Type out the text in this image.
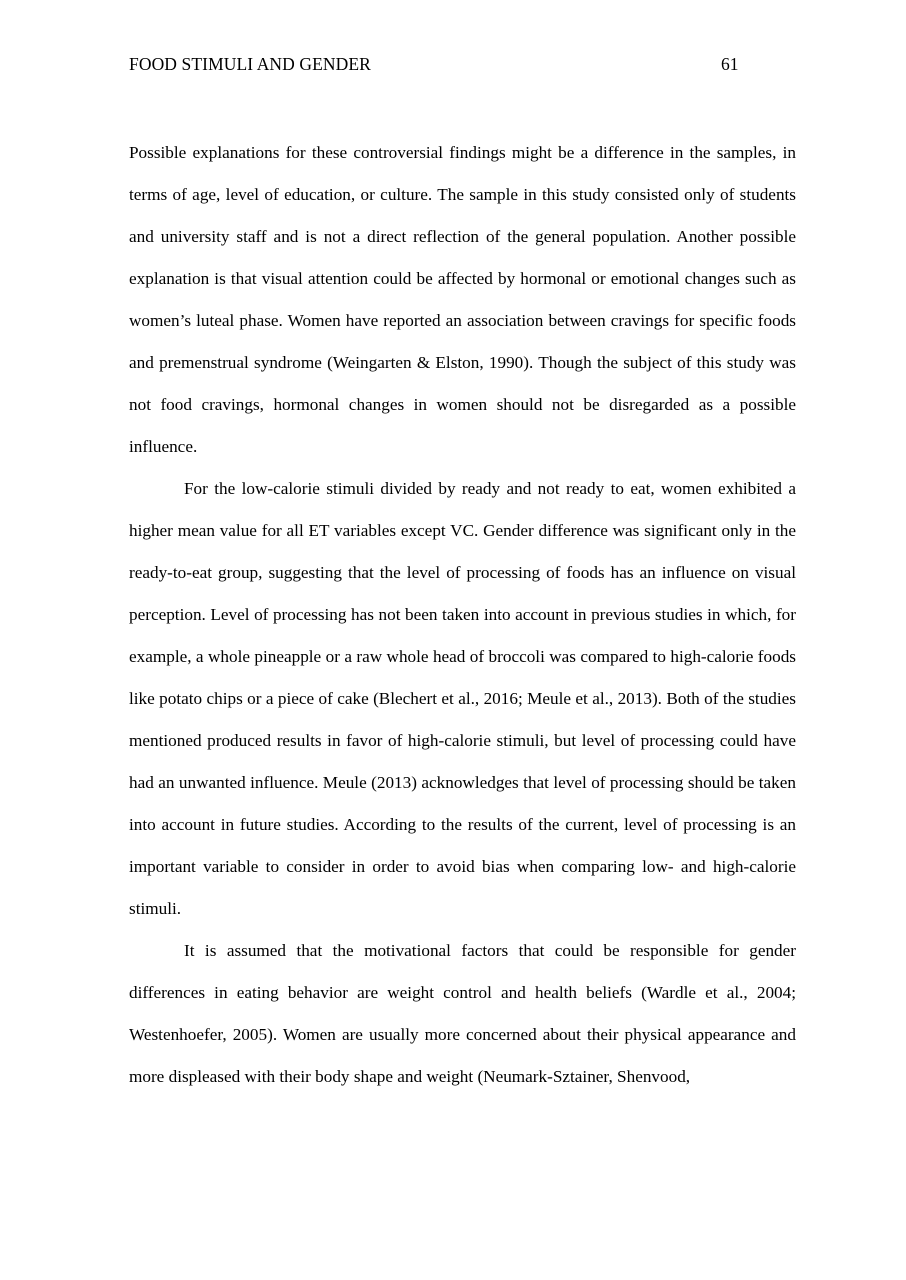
FOOD STIMULI AND GENDER	61

Possible explanations for these controversial findings might be a difference in the samples, in terms of age, level of education, or culture. The sample in this study consisted only of students and university staff and is not a direct reflection of the general population. Another possible explanation is that visual attention could be affected by hormonal or emotional changes such as women’s luteal phase. Women have reported an association between cravings for specific foods and premenstrual syndrome (Weingarten & Elston, 1990). Though the subject of this study was not food cravings, hormonal changes in women should not be disregarded as a possible influence.

For the low-calorie stimuli divided by ready and not ready to eat, women exhibited a higher mean value for all ET variables except VC. Gender difference was significant only in the ready-to-eat group, suggesting that the level of processing of foods has an influence on visual perception. Level of processing has not been taken into account in previous studies in which, for example, a whole pineapple or a raw whole head of broccoli was compared to high-calorie foods like potato chips or a piece of cake (Blechert et al., 2016; Meule et al., 2013). Both of the studies mentioned produced results in favor of high-calorie stimuli, but level of processing could have had an unwanted influence. Meule (2013) acknowledges that level of processing should be taken into account in future studies. According to the results of the current, level of processing is an important variable to consider in order to avoid bias when comparing low- and high-calorie stimuli.

It is assumed that the motivational factors that could be responsible for gender differences in eating behavior are weight control and health beliefs (Wardle et al., 2004; Westenhoefer, 2005). Women are usually more concerned about their physical appearance and more displeased with their body shape and weight (Neumark-Sztainer, Shenvood,
